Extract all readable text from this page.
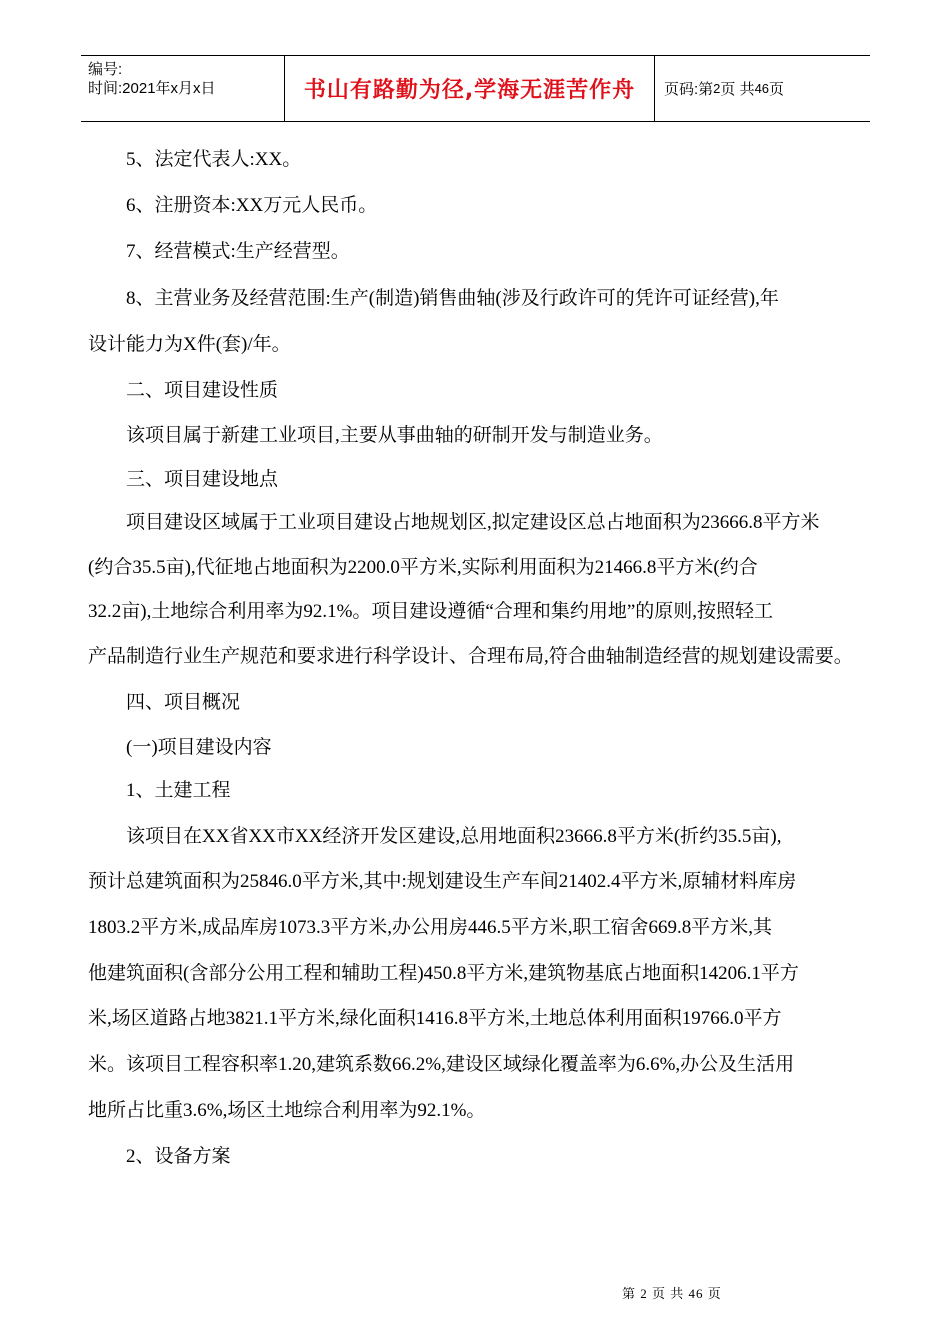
编号:
时间:2021年x月x日	书山有路勤为径,学海无涯苦作舟	页码:第 2 页 共 46 页
5、法定代表人:XX。
6、注册资本:XX万元人民币。
7、经营模式:生产经营型。
8、主营业务及经营范围:生产(制造)销售曲轴(涉及行政许可的凭许可证经营),年
设计能力为X件(套)/年。
二、项目建设性质
该项目属于新建工业项目,主要从事曲轴的研制开发与制造业务。
三、项目建设地点
项目建设区域属于工业项目建设占地规划区,拟定建设区总占地面积为23666.8平方米
(约合35.5亩),代征地占地面积为2200.0平方米,实际利用面积为21466.8平方米(约合
32.2亩),土地综合利用率为92.1%。项目建设遵循“合理和集约用地”的原则,按照轻工
产品制造行业生产规范和要求进行科学设计、合理布局,符合曲轴制造经营的规划建设需要。
四、项目概况
(一)项目建设内容
1、土建工程
该项目在XX省XX市XX经济开发区建设,总用地面积23666.8平方米(折约35.5亩),
预计总建筑面积为25846.0平方米,其中:规划建设生产车间21402.4平方米,原辅材料库房
1803.2平方米,成品库房1073.3平方米,办公用房446.5平方米,职工宿舍669.8平方米,其
他建筑面积(含部分公用工程和辅助工程)450.8平方米,建筑物基底占地面积14206.1平方
米,场区道路占地3821.1平方米,绿化面积1416.8平方米,土地总体利用面积19766.0平方
米。该项目工程容积率1.20,建筑系数66.2%,建设区域绿化覆盖率为6.6%,办公及生活用
地所占比重3.6%,场区土地综合利用率为92.1%。
2、设备方案
第 2 页 共 46 页
